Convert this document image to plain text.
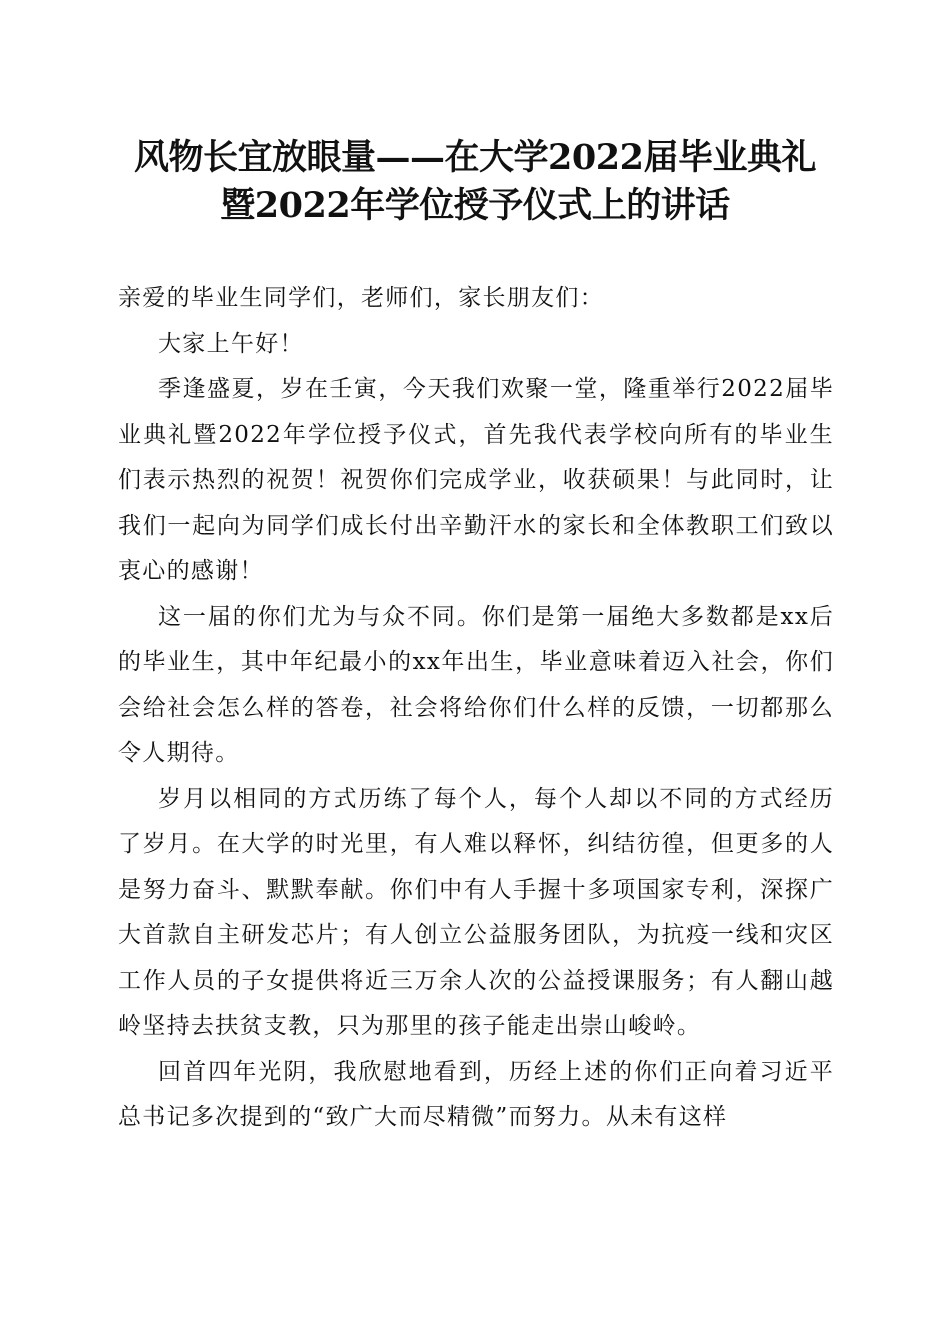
风物长宜放眼量——在大学2022届毕业典礼
暨2022年学位授予仪式上的讲话

亲爱的毕业生同学们，老师们，家长朋友们：

大家上午好！

季逢盛夏，岁在壬寅，今天我们欢聚一堂，隆重举行2022届毕业典礼暨2022年学位授予仪式，首先我代表学校向所有的毕业生们表示热烈的祝贺！祝贺你们完成学业，收获硕果！与此同时，让我们一起向为同学们成长付出辛勤汗水的家长和全体教职工们致以衷心的感谢！

这一届的你们尤为与众不同。你们是第一届绝大多数都是xx后的毕业生，其中年纪最小的xx年出生，毕业意味着迈入社会，你们会给社会怎么样的答卷，社会将给你们什么样的反馈，一切都那么令人期待。

岁月以相同的方式历练了每个人，每个人却以不同的方式经历了岁月。在大学的时光里，有人难以释怀，纠结彷徨，但更多的人是努力奋斗、默默奉献。你们中有人手握十多项国家专利，深探广大首款自主研发芯片；有人创立公益服务团队，为抗疫一线和灾区工作人员的子女提供将近三万余人次的公益授课服务；有人翻山越岭坚持去扶贫支教，只为那里的孩子能走出崇山峻岭。

回首四年光阴，我欣慰地看到，历经上述的你们正向着习近平总书记多次提到的“致广大而尽精微”而努力。从未有这样
